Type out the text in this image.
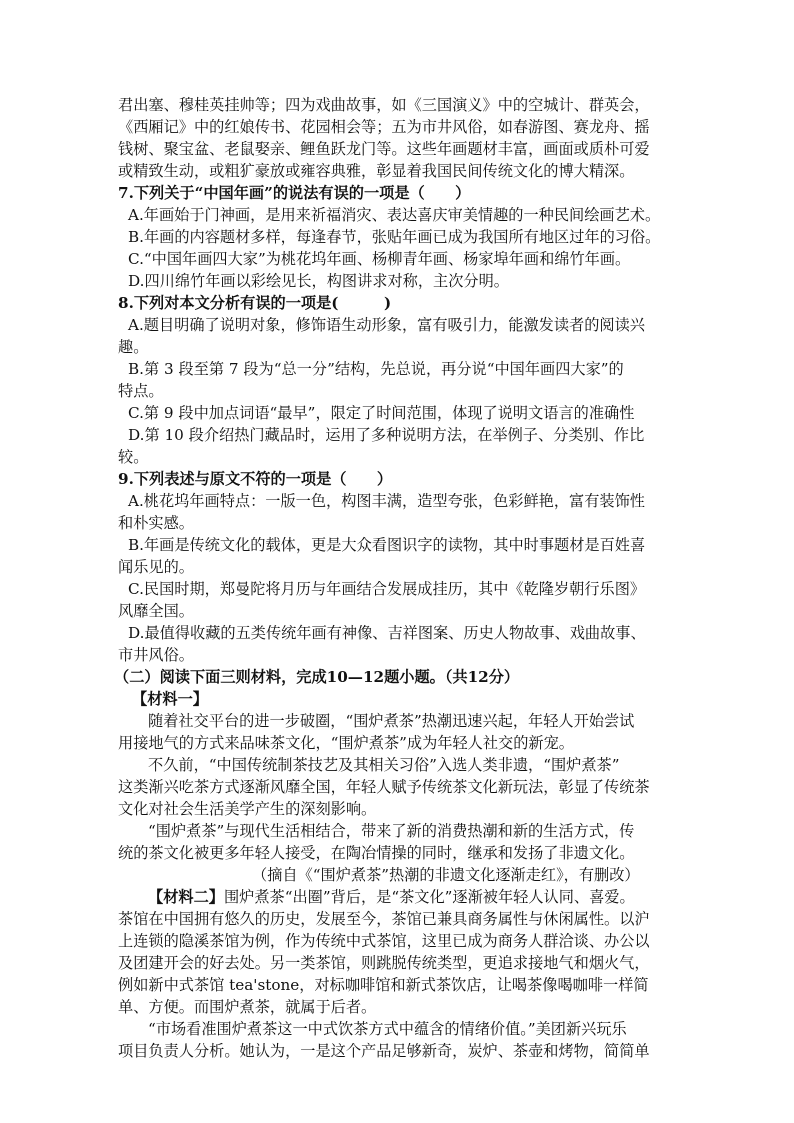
君出塞、穆桂英挂帅等；四为戏曲故事，如《三国演义》中的空城计、群英会，
《西厢记》中的红娘传书、花园相会等；五为市井风俗，如春游图、赛龙舟、摇
钱树、聚宝盆、老鼠娶亲、鲤鱼跃龙门等。这些年画题材丰富，画面或质朴可爱
或精致生动，或粗犷豪放或雍容典雅，彰显着我国民间传统文化的博大精深。
7.下列关于“中国年画”的说法有误的一项是（　　）
A.年画始于门神画，是用来祈福消灾、表达喜庆审美情趣的一种民间绘画艺术。
B.年画的内容题材多样，每逢春节，张贴年画已成为我国所有地区过年的习俗。
C.“中国年画四大家”为桃花坞年画、杨柳青年画、杨家埠年画和绵竹年画。
D.四川绵竹年画以彩绘见长，构图讲求对称，主次分明。
8.下列对本文分析有误的一项是(　　　)
A.题目明确了说明对象，修饰语生动形象，富有吸引力，能激发读者的阅读兴
趣。
B.第 3 段至第 7 段为“总一分”结构，先总说，再分说“中国年画四大家”的
特点。
C.第 9 段中加点词语“最早”，限定了时间范围，体现了说明文语言的准确性
D.第 10 段介绍热门藏品时，运用了多种说明方法，在举例子、分类别、作比
较。
9.下列表述与原文不符的一项是（　　）
A.桃花坞年画特点：一版一色，构图丰满，造型夸张，色彩鲜艳，富有装饰性
和朴实感。
B.年画是传统文化的载体，更是大众看图识字的读物，其中时事题材是百姓喜
闻乐见的。
C.民国时期，郑曼陀将月历与年画结合发展成挂历，其中《乾隆岁朝行乐图》
风靡全国。
D.最值得收藏的五类传统年画有神像、吉祥图案、历史人物故事、戏曲故事、
市井风俗。
（二）阅读下面三则材料，完成10—12题小题。（共12分）
【材料一】
随着社交平台的进一步破圈，“围炉煮茶”热潮迅速兴起，年轻人开始尝试
用接地气的方式来品味茶文化，“围炉煮茶”成为年轻人社交的新宠。
不久前，“中国传统制茶技艺及其相关习俗”入选人类非遗，“围炉煮茶”
这类渐兴吃茶方式逐渐风靡全国，年轻人赋予传统茶文化新玩法，彰显了传统茶
文化对社会生活美学产生的深刻影响。
“围炉煮茶”与现代生活相结合，带来了新的消费热潮和新的生活方式，传
统的茶文化被更多年轻人接受，在陶冶情操的同时，继承和发扬了非遗文化。
（摘自《“围炉煮茶”热潮的非遗文化逐渐走红》，有删改）
【材料二】围炉煮茶“出圈”背后，是“茶文化”逐渐被年轻人认同、喜爱。
茶馆在中国拥有悠久的历史，发展至今，茶馆已兼具商务属性与休闲属性。以沪
上连锁的隐溪茶馆为例，作为传统中式茶馆，这里已成为商务人群洽谈、办公以
及团建开会的好去处。另一类茶馆，则跳脱传统类型，更追求接地气和烟火气，
例如新中式茶馆 tea'stone，对标咖啡馆和新式茶饮店，让喝茶像喝咖啡一样简
单、方便。而围炉煮茶，就属于后者。
“市场看准围炉煮茶这一中式饮茶方式中蕴含的情绪价值。”美团新兴玩乐
项目负责人分析。她认为，一是这个产品足够新奇，炭炉、茶壶和烤物，简简单
